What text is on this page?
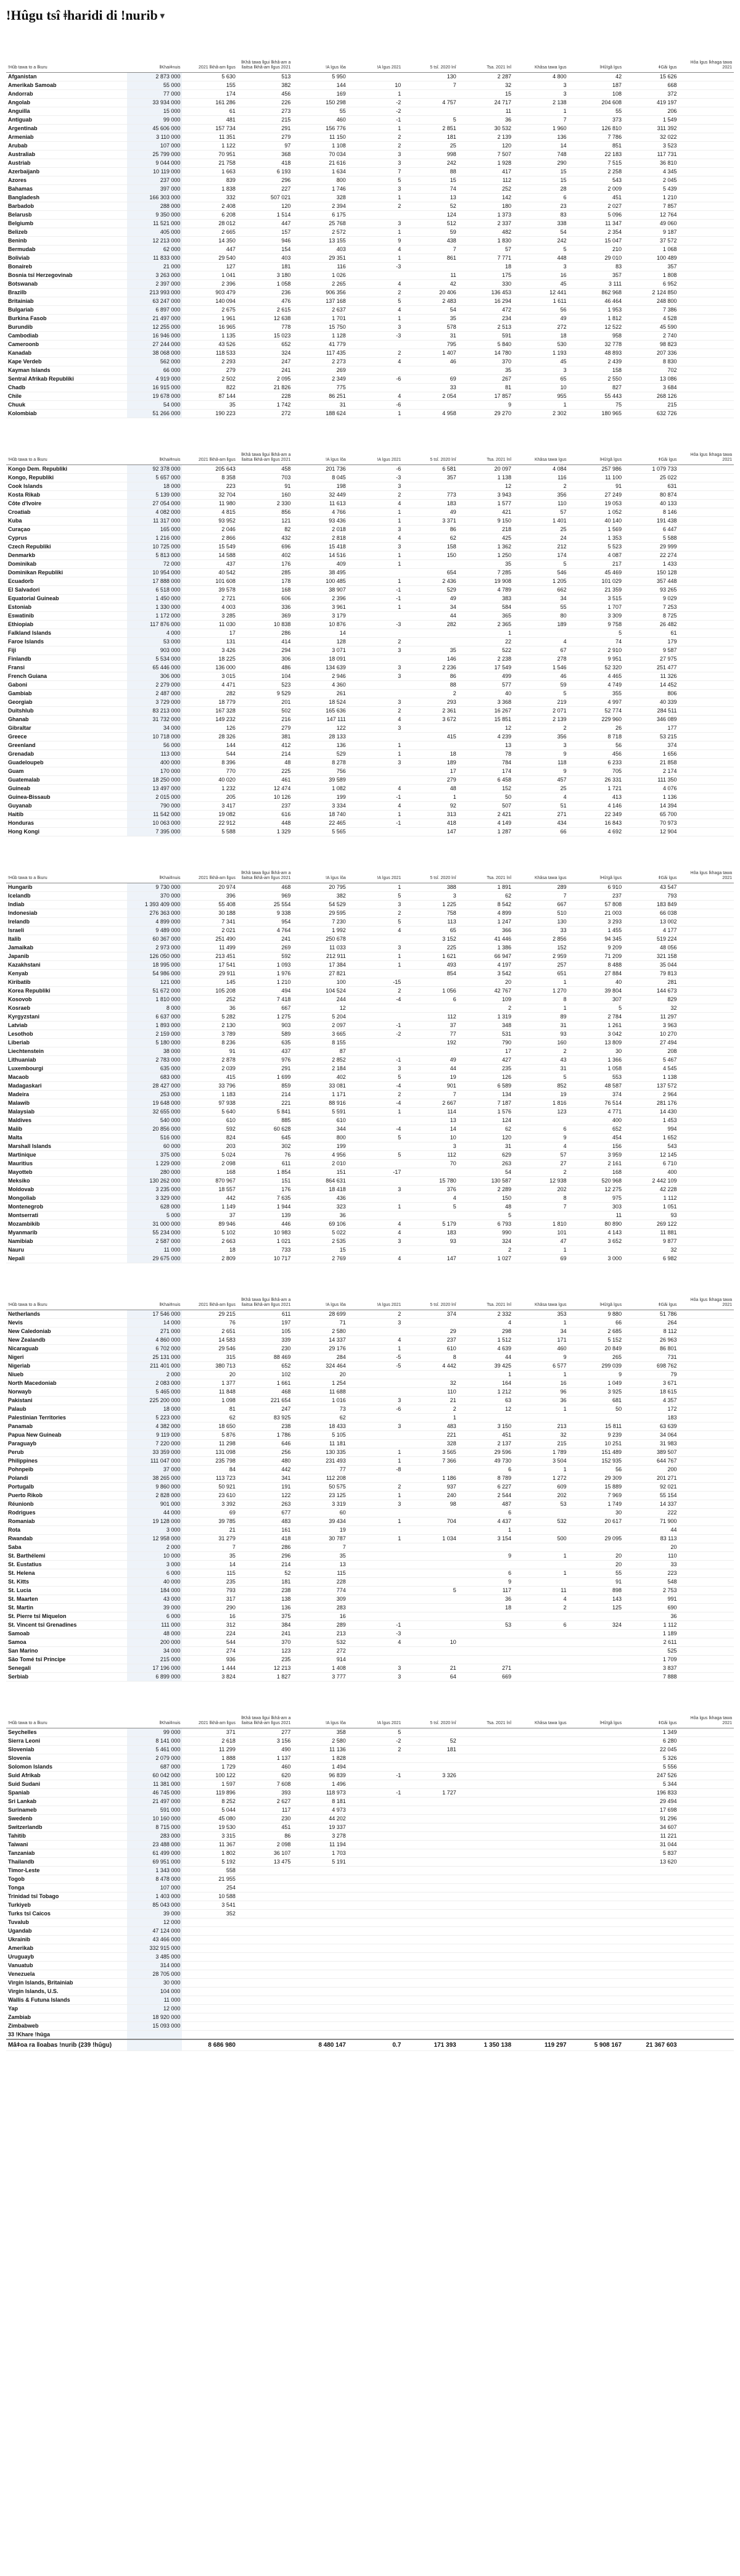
ǃHûgu tsî ǂharidi di ǃnurib ▾
ǃHûb tawa to a ǁkuru	ǁKhaiǂnuis	2021 ǁkhâ-am ǁgus	ǁKhâ tawa ǁgui ǁkhâ-am a ǁaitsa ǁkhâ-am ǁgus 2021	ǃA ǀgus ǀôa	ǃA ǀgus 2021	5 tsî. 2020 ǀnî	Tsa. 2021 ǀnî	Khâsa tawa ǀgus	ǀHûǃgâ ǀgus	ǂGâi ǀgus	Hôa ǀgus ǀkhaga tawa 2021
Afganistan	2 873 000	5 630	513	5 950		130	2 287	4 800	42	15 626	
Amerikab Samoab	55 000	155	382	144	10	7	32	3	187	668	
Andorrab	77 000	174	456	169	1		15	3	108	372	
Angolab	33 934 000	161 286	226	150 298	-2	4 757	24 717	2 138	204 608	419 197	
Anguilla	15 000	61	273	55	-2		11	1	55	206	
Antiguab	99 000	481	215	460	-1	5	36	7	373	1 549	
Argentinab	45 606 000	157 734	291	156 776	1	2 851	30 532	1 960	126 810	311 392	
Armeniab	3 110 000	11 351	279	11 150	2	181	2 139	136	7 786	32 022	
Arubab	107 000	1 122	97	1 108	2	25	120	14	851	3 523	
Australiab	25 799 000	70 951	368	70 034	3	998	7 507	748	22 183	117 731	
Austriab	9 044 000	21 758	418	21 616	3	242	1 928	290	7 515	36 810	
Azerbaijanb	10 119 000	1 663	6 193	1 634	7	88	417	15	2 258	4 345	
Azores	237 000	839	296	800	5	15	112	15	543	2 045	
Bahamas	397 000	1 838	227	1 746	3	74	252	28	2 009	5 439	
Bangladesh	166 303 000	332	507 021	328	1	13	142	6	451	1 210	
Barbadob	288 000	2 408	120	2 394	2	52	180	23	2 027	7 857	
Belarusb	9 350 000	6 208	1 514	6 175		124	1 373	83	5 096	12 764	
Belgiumb	11 521 000	28 012	447	25 768	3	512	2 337	338	11 347	49 060	
Belizeb	405 000	2 665	157	2 572	1	59	482	54	2 354	9 187	
Beninb	12 213 000	14 350	946	13 155	9	438	1 830	242	15 047	37 572	
Bermudab	62 000	447	154	403	4	7	57	5	210	1 068	
Boliviab	11 833 000	29 540	403	29 351	1	861	7 771	448	29 010	100 489	
Bonaireb	21 000	127	181	116	-3		18	3	83	357	
Bosnia tsî Herzegovinab	3 263 000	1 041	3 180	1 026		11	175	16	357	1 808	
Botswanab	2 397 000	2 396	1 058	2 265	4	42	330	45	3 111	6 952	
Brazilb	213 993 000	903 479	236	906 356	2	20 406	136 453	12 441	862 968	2 124 850	
Britainiab	63 247 000	140 094	476	137 168	5	2 483	16 294	1 611	46 464	248 800	
Bulgariab	6 897 000	2 675	2 615	2 637	4	54	472	56	1 953	7 386	
Burkina Fasob	21 497 000	1 961	12 638	1 701	1	35	234	49	1 812	4 528	
Burundib	12 255 000	16 965	778	15 750	3	578	2 513	272	12 522	45 590	
Cambodiab	16 946 000	1 135	15 023	1 128	-3	31	591	18	958	2 740	
Cameroonb	27 244 000	43 526	652	41 779		795	5 840	530	32 778	98 823	
Kanadab	38 068 000	118 533	324	117 435	2	1 407	14 780	1 193	48 893	207 336	
Kape Verdeb	562 000	2 293	247	2 273	4	46	370	45	2 439	8 830	
Kayman Islands	66 000	279	241	269			35	3	158	702	
Sentral Afrikab Republiki	4 919 000	2 502	2 095	2 349	-6	69	267	65	2 550	13 086	
Chadb	16 915 000	822	21 826	775		33	81	10	827	3 684	
Chile	19 678 000	87 144	228	86 251	4	2 054	17 857	955	55 443	268 126	
Chuuk	54 000	35	1 742	31	-6		9	1	75	215	
Kolombiab	51 266 000	190 223	272	188 624	1	4 958	29 270	2 302	180 965	632 726	
ǃHûb tawa to a ǁkuru	ǁKhaiǂnuis	2021 ǁkhâ-am ǁgus	ǁKhâ tawa ǁgui ǁkhâ-am a ǁaitsa ǁkhâ-am ǁgus 2021	ǃA ǀgus ǀôa	ǃA ǀgus 2021	5 tsî. 2020 ǀnî	Tsa. 2021 ǀnî	Khâsa tawa ǀgus	ǀHûǃgâ ǀgus	ǂGâi ǀgus	Hôa ǀgus ǀkhaga tawa 2021
Kongo Dem. Republiki	92 378 000	205 643	458	201 736	-6	6 581	20 097	4 084	257 986	1 079 733	
Kongo, Republiki	5 657 000	8 358	703	8 045	-3	357	1 138	116	11 100	25 022	
Cook Islands	18 000	223	91	198	3		12	2	91	631	
Kosta Rikab	5 139 000	32 704	160	32 449	2	773	3 943	356	27 249	80 874	
Côte d'Ivoire	27 054 000	11 980	2 330	11 613	4	183	1 577	110	19 053	40 133	
Croatiab	4 082 000	4 815	856	4 766	1	49	421	57	1 052	8 146	
Kuba	11 317 000	93 952	121	93 436	1	3 371	9 150	1 401	40 140	191 438	
Curaçao	165 000	2 046	82	2 018	3	86	218	25	1 569	6 447	
Cyprus	1 216 000	2 866	432	2 818	4	62	425	24	1 353	5 588	
Czech Republiki	10 725 000	15 549	696	15 418	3	158	1 362	212	5 523	29 999	
Denmarkb	5 813 000	14 588	402	14 516	1	150	1 250	174	4 087	22 274	
Dominikab	72 000	437	176	409	1		35	5	217	1 433	
Dominikan Republiki	10 954 000	40 542	285	38 495		654	7 285	546	45 469	150 128	
Ecuadorb	17 888 000	101 608	178	100 485	1	2 436	19 908	1 205	101 029	357 448	
El Salvadori	6 518 000	39 578	168	38 907	-1	529	4 789	662	21 359	93 265	
Equatorial Guineab	1 450 000	2 721	606	2 396	-1	49	383	34	3 515	9 029	
Estoniab	1 330 000	4 003	336	3 961	1	34	584	55	1 707	7 253	
Eswatinib	1 172 000	3 285	369	3 179		44	365	80	3 309	8 725	
Ethiopiab	117 876 000	11 030	10 838	10 876	-3	282	2 365	189	9 758	26 482	
Falkland Islands	4 000	17	286	14			1		5	61	
Faroe Islands	53 000	131	414	128	2		22	4	74	179	
Fiji	903 000	3 426	294	3 071	3	35	522	67	2 910	9 587	
Finlandb	5 534 000	18 225	306	18 091		146	2 238	278	9 951	27 975	
Fransi	65 446 000	136 000	486	134 639	3	2 236	17 549	1 546	52 320	251 477	
French Guiana	306 000	3 015	104	2 946	3	86	499	46	4 465	11 326	
Gaboni	2 279 000	4 471	523	4 360		88	577	59	4 749	14 452	
Gambiab	2 487 000	282	9 529	261		2	40	5	355	806	
Georgiab	3 729 000	18 779	201	18 524	3	293	3 368	219	4 997	40 339	
Duitshlub	83 213 000	167 328	502	165 636	2	2 361	16 267	2 071	52 774	284 511	
Ghanab	31 732 000	149 232	216	147 111	4	3 672	15 851	2 139	229 960	346 089	
Gibraltar	34 000	126	279	122	3		12	2	26	177	
Greece	10 718 000	28 326	381	28 133		415	4 239	356	8 718	53 215	
Greenland	56 000	144	412	136	1		13	3	56	374	
Grenadab	113 000	544	214	529	1	18	78	9	456	1 656	
Guadeloupeb	400 000	8 396	48	8 278	3	189	784	118	6 233	21 858	
Guam	170 000	770	225	756		17	174	9	705	2 174	
Guatemalab	18 250 000	40 020	461	39 589		279	6 458	457	26 331	111 350	
Guineab	13 497 000	1 232	12 474	1 082	4	48	152	25	1 721	4 076	
Guinea-Bissaub	2 015 000	205	10 126	199	-1	1	50	4	413	1 136	
Guyanab	790 000	3 417	237	3 334	4	92	507	51	4 146	14 394	
Haitib	11 542 000	19 082	616	18 740	1	313	2 421	271	22 349	65 700	
Honduras	10 063 000	22 912	448	22 465	-1	418	4 149	434	16 843	70 973	
Hong Kongi	7 395 000	5 588	1 329	5 565		147	1 287	66	4 692	12 904	
ǃHûb tawa to a ǁkuru	ǁKhaiǂnuis	2021 ǁkhâ-am ǁgus	ǁKhâ tawa ǁgui ǁkhâ-am a ǁaitsa ǁkhâ-am ǁgus 2021	ǃA ǀgus ǀôa	ǃA ǀgus 2021	5 tsî. 2020 ǀnî	Tsa. 2021 ǀnî	Khâsa tawa ǀgus	ǀHûǃgâ ǀgus	ǂGâi ǀgus	Hôa ǀgus ǀkhaga tawa 2021
Hungarib	9 730 000	20 974	468	20 795	1	388	1 891	289	6 910	43 547	
Icelandb	370 000	396	969	382	5	3	62	7	237	793	
Indiab	1 393 409 000	55 408	25 554	54 529	3	1 225	8 542	667	57 808	183 849	
Indonesiab	276 363 000	30 188	9 338	29 595	2	758	4 899	510	21 003	66 038	
Irelandb	4 899 000	7 341	954	7 230	5	113	1 247	130	3 293	13 002	
Israeli	9 489 000	2 021	4 764	1 992	4	65	366	33	1 455	4 177	
Italib	60 367 000	251 490	241	250 678		3 152	41 446	2 856	94 345	519 224	
Jamaikab	2 973 000	11 499	269	11 033	3	225	1 386	152	9 209	48 056	
Japanib	126 050 000	213 451	592	212 911	1	1 621	66 947	2 959	71 209	321 158	
Kazakhstani	18 995 000	17 541	1 093	17 384	1	493	4 197	257	8 488	35 044	
Kenyab	54 986 000	29 911	1 976	27 821		854	3 542	651	27 884	79 813	
Kiribatib	121 000	145	1 210	100	-15		20	1	40	281	
Korea Republiki	51 672 000	105 208	494	104 524	2	1 056	42 767	1 270	39 804	144 673	
Kosovob	1 810 000	252	7 418	244	-4	6	109	8	307	829	
Kosraeb	8 000	36	667	12			2	1	5	32	
Kyrgyzstani	6 637 000	5 282	1 275	5 204		112	1 319	89	2 784	11 297	
Latviab	1 893 000	2 130	903	2 097	-1	37	348	31	1 261	3 963	
Lesothob	2 159 000	3 789	589	3 665	-2	77	531	93	3 042	10 270	
Liberiab	5 180 000	8 236	635	8 155		192	790	160	13 809	27 494	
Liechtenstein	38 000	91	437	87			17	2	30	208	
Lithuaniab	2 783 000	2 878	976	2 852	-1	49	427	43	1 366	5 467	
Luxembourgi	635 000	2 039	291	2 184	3	44	235	31	1 058	4 545	
Macaob	683 000	415	1 699	402	5	19	126	5	553	1 138	
Madagaskari	28 427 000	33 796	859	33 081	-4	901	6 589	852	48 587	137 572	
Madeira	253 000	1 183	214	1 171	2	7	134	19	374	2 964	
Malawib	19 648 000	97 938	221	88 916	-4	2 667	7 187	1 816	76 514	281 176	
Malaysiab	32 655 000	5 640	5 841	5 591	1	114	1 576	123	4 771	14 430	
Maldives	540 000	610	885	610		13	124		400	1 453	
Malib	20 856 000	592	60 628	344	-4	14	62	6	652	994	
Malta	516 000	824	645	800	5	10	120	9	454	1 652	
Marshall Islands	60 000	203	302	199		3	31	4	156	543	
Martinique	375 000	5 024	76	4 956	5	112	629	57	3 959	12 145	
Mauritius	1 229 000	2 098	611	2 010		70	263	27	2 161	6 710	
Mayotteb	280 000	168	1 854	151	-17		54	2	168	400	
Meksiko	130 262 000	870 967	151	864 631		15 780	130 587	12 938	520 968	2 442 109	
Moldovab	3 235 000	18 557	176	18 418	3	376	2 289	202	12 275	42 228	
Mongoliab	3 329 000	442	7 635	436		4	150	8	975	1 112	
Montenegrob	628 000	1 149	1 944	323	1	5	48	7	303	1 051	
Montserrati	5 000	37	139	36			5		11	93	
Mozambikib	31 000 000	89 946	446	69 106	4	5 179	6 793	1 810	80 890	269 122	
Myanmarib	55 234 000	5 102	10 983	5 022	4	183	990	101	4 143	11 881	
Namibiab	2 587 000	2 663	1 021	2 535	3	93	324	47	3 652	9 877	
Nauru	11 000	18	733	15			2	1		32	
Nepali	29 675 000	2 809	10 717	2 769	4	147	1 027	69	3 000	6 982	
ǃHûb tawa to a ǁkuru	ǁKhaiǂnuis	2021 ǁkhâ-am ǁgus	ǁKhâ tawa ǁgui ǁkhâ-am a ǁaitsa ǁkhâ-am ǁgus 2021	ǃA ǀgus ǀôa	ǃA ǀgus 2021	5 tsî. 2020 ǀnî	Tsa. 2021 ǀnî	Khâsa tawa ǀgus	ǀHûǃgâ ǀgus	ǂGâi ǀgus	Hôa ǀgus ǀkhaga tawa 2021
Netherlands	17 546 000	29 215	611	28 699	2	374	2 332	353	9 880	51 786	
Nevis	14 000	76	197	71	3		4	1	66	264	
New Caledoniab	271 000	2 651	105	2 580		29	298	34	2 685	8 112	
New Zealandb	4 860 000	14 583	339	14 337	4	237	1 512	171	5 152	26 963	
Nicaraguab	6 702 000	29 546	230	29 176	1	610	4 639	460	20 849	86 801	
Nigeri	25 131 000	315	88 469	284	-5	8	44	9	265	731	
Nigeriab	211 401 000	380 713	652	324 464	-5	4 442	39 425	6 577	299 039	698 762	
Niueb	2 000	20	102	20			1	1	9	79	
North Macedoniab	2 083 000	1 377	1 661	1 254		32	164	16	1 049	3 671	
Norwayb	5 465 000	11 848	468	11 688		110	1 212	96	3 925	18 615	
Pakistani	225 200 000	1 098	221 654	1 016	3	21	63	36	681	4 357	
Palaub	18 000	81	247	73	-6	2	12	1	50	172	
Palestinian Territories	5 223 000	62	83 925	62		1				183	
Panamab	4 382 000	18 650	238	18 433	3	483	3 150	213	15 811	63 639	
Papua New Guineab	9 119 000	5 876	1 786	5 105		221	451	32	9 239	34 064	
Paraguayb	7 220 000	11 298	646	11 181		328	2 137	215	10 251	31 983	
Perub	33 359 000	131 098	256	130 335	1	3 565	29 596	1 789	151 489	389 507	
Philippines	111 047 000	235 798	480	231 493	1	7 366	49 730	3 504	152 935	644 767	
Pohnpeib	37 000	84	442	77	-8		6	1	56	200	
Polandi	38 265 000	113 723	341	112 208		1 186	8 789	1 272	29 309	201 271	
Portugalb	9 860 000	50 921	191	50 575	2	937	6 227	609	15 889	92 021	
Puerto Rikob	2 828 000	23 610	122	23 125	1	240	2 544	202	7 969	55 154	
Réunionb	901 000	3 392	263	3 319	3	98	487	53	1 749	14 337	
Rodrigues	44 000	69	677	60			6		30	222	
Romaniab	19 128 000	39 785	483	39 434	1	704	4 437	532	20 617	71 900	
Rota	3 000	21	161	19			1			44	
Rwandab	12 958 000	31 279	418	30 787	1	1 034	3 154	500	29 095	83 113	
Saba	2 000	7	286	7						20	
St. Barthélemi	10 000	35	296	35			9	1	20	110	
St. Eustatius	3 000	14	214	13					20	33	
St. Helena	6 000	115	52	115			6	1	55	223	
St. Kitts	40 000	235	181	228			9		91	548	
St. Lucia	184 000	793	238	774		5	117	11	898	2 753	
St. Maarten	43 000	317	138	309			36	4	143	991	
St. Martin	39 000	290	136	283			18	2	125	690	
St. Pierre tsî Miquelon	6 000	16	375	16						36	
St. Vincent tsî Grenadines	111 000	312	384	289	-1		53	6	324	1 112	
Samoab	48 000	224	241	213	-3					1 189	
Samoa	200 000	544	370	532	4	10				2 611	
San Marino	34 000	274	123	272						525	
Sâo Tomé tsî Príncipe	215 000	936	235	914						1 709	
Senegali	17 196 000	1 444	12 213	1 408	3	21	271			3 837	
Serbiab	6 899 000	3 824	1 827	3 777	3	64	669			7 888	
ǃHûb tawa to a ǁkuru	ǁKhaiǂnuis	2021 ǁkhâ-am ǁgus	ǁKhâ tawa ǁgui ǁkhâ-am a ǁaitsa ǁkhâ-am ǁgus 2021	ǃA ǀgus ǀôa	ǃA ǀgus 2021	5 tsî. 2020 ǀnî	Tsa. 2021 ǀnî	Khâsa tawa ǀgus	ǀHûǃgâ ǀgus	ǂGâi ǀgus	Hôa ǀgus ǀkhaga tawa 2021
Seychelles	99 000	371	277	358	5					1 349	
Sierra Leoni	8 141 000	2 618	3 156	2 580	-2	52				6 280	
Sloveniab	5 461 000	11 299	490	11 136	2	181				22 045	
Slovenia	2 079 000	1 888	1 137	1 828						5 326	
Solomon Islands	687 000	1 729	460	1 494						5 556	
Suid Afrikab	60 042 000	100 122	620	96 839	-1	3 326				247 526	
Suid Sudani	11 381 000	1 597	7 608	1 496						5 344	
Spaniab	46 745 000	119 896	393	118 973	-1	1 727				196 833	
Sri Lankab	21 497 000	8 252	2 627	8 181						29 494	
Surinameb	591 000	5 044	117	4 973						17 698	
Swedenb	10 160 000	45 080	230	44 202						91 296	
Switzerlandb	8 715 000	19 530	451	19 337						34 607	
Tahitib	283 000	3 315	86	3 278						11 221	
Taiwani	23 488 000	11 367	2 098	11 194						31 044	
Tanzaniab	61 499 000	1 802	36 107	1 703						5 837	
Thailandb	69 951 000	5 192	13 475	5 191						13 620	
Timor-Leste	1 343 000	558									
Togob	8 478 000	21 955									
Tonga	107 000	254									
Trinidad tsî Tobago	1 403 000	10 588									
Turkiyeb	85 043 000	3 541									
Turks tsî Caicos	39 000	352									
Tuvalub	12 000										
Ugandab	47 124 000										
Ukrainib	43 466 000										
Amerikab	332 915 000										
Uruguayb	3 485 000										
Vanuatub	314 000										
Venezuela	28 705 000										
Virgin Islands, Britainiab	30 000										
Virgin Islands, U.S.	104 000										
Wallis & Futuna Islands	11 000										
Yap	12 000										
Zambiab	18 920 000										
Zimbabweb	15 093 000										
33 ǃKhare ǃhûga											
Mâǂoa ra ǁoabas ǃnurib (239 ǃhûgu)		8 686 980		8 480 147	0.7	171 393	1 350 138	119 297	5 908 167	21 367 603	
